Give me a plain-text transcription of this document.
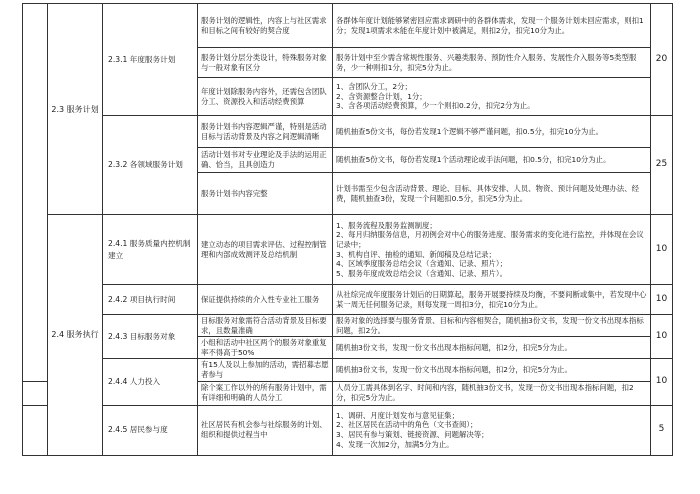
	2.3 服务计划	2.3.1 年度服务计划	服务计划的逻辑性，内容上与社区需求和目标之间有较好的契合度	各群体年度计划能够紧密回应需求调研中的各群体需求，发现一个服务计划未回应需求，则扣1分；发现1项需求未能在年度计划中被满足，则扣2分，扣完10分为止。	20
			服务计划分层分类设计，特殊服务对象与一般对象有区分	服务计划中至少需含常规性服务、兴趣类服务、预防性介入服务、发展性介入服务等5类型服务，少一种则扣1分，扣完5分为止。	
			年度计划除服务内容外，还需包含团队分工、资源投入和活动经费预算	1、含团队分工，2分；
2、含资源整合计划，1分；
3、含各项活动经费预算，少一个则扣0.2分，扣完2分为止。	
		2.3.2 各领域服务计划	服务计划书内容逻辑严谨，特别是活动目标与活动背景及内容之间逻辑清晰	随机抽查5份文书，每份若发现1个逻辑不够严谨问题，扣0.5分，扣完10分为止。	25
			活动计划书对专业理论及手法的运用正确、恰当，且具创造力	随机抽查5份文书，每份若发现1个活动理论或手法问题，扣0.5分，扣完10分为止。	
			服务计划书内容完整	计划书需至少包含活动背景、理论、目标、具体安排、人员、物资、预计问题及处理办法、经费，随机抽查3份，发现一个问题扣0.5分，扣完5分为止。	
	2.4 服务执行	2.4.1 服务质量内控机制建立	建立动态的项目需求评估、过程控制管理和内部成效测评及总结机制	1、服务流程及服务监测制度；
2、每月归纳服务信息，月初例会对中心的服务进度、服务需求的变化进行监控，并体现在会议记录中；
3、机构自评、抽检的通知、新闻稿及总结记录；
4、区域季度服务总结会议（含通知、记录、照片）；
5、服务年度成效总结会议（含通知、记录、照片）。	10
		2.4.2 项目执行时间	保证提供持续的介入性专业社工服务	从社综完成年度服务计划后的日期算起，服务开展要持续及均衡，不要间断或集中，若发现中心某一周无任何服务记录，则每发现一周扣3分，扣完10分为止。	10
		2.4.3 目标服务对象	目标服务对象需符合活动背景及目标要求，且数量准确	服务对象的选择要与服务背景、目标和内容相契合，随机抽3份文书，发现一份文书出现本指标问题，扣2分。	10
			小组和活动中社区两个的服务对象重复率不得高于50%	随机抽3份文书，发现一份文书出现本指标问题，扣2分，扣完5分为止。	
		2.4.4 人力投入	有15人及以上参加的活动，需招募志愿者参与	随机抽3份文书，发现一份文书出现本指标问题，扣2分，扣完5分为止。	10
			除个案工作以外的所有服务计划中，需有详细和明确的人员分工	人员分工需具体到名字、时间和内容，随机抽3份文书，发现一份文书出现本指标问题，扣2分，扣完5分为止。	
		2.4.5 居民参与度	社区居民有机会参与社综服务的计划、组织和提供过程当中	1、调研、月度计划发布与意见征集；
2、社区居民在活动中的角色（文书查阅）；
3、居民有参与策划、链接资源、问题解决等；
4、发现一次加2分，加满5分为止。	5
